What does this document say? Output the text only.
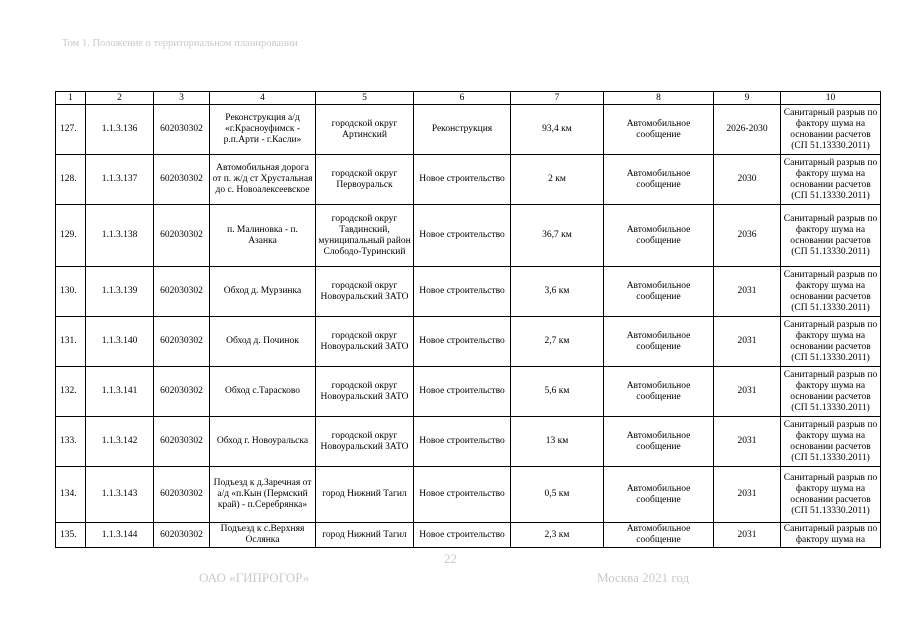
Том 1. Положение о территориальном планировании
1	2	3	4	5	6	7	8	9	10
127.	1.1.3.136	602030302	Реконструкция а/д «г.Красноуфимск - р.п.Арти - г.Касли»	городской округ Артинский	Реконструкция	93,4 км	Автомобильное сообщение	2026-2030	Санитарный разрыв по фактору шума на основании расчетов (СП 51.13330.2011)
128.	1.1.3.137	602030302	Автомобильная дорога от п. ж/д ст Хрустальная до с. Новоалексеевское	городской округ Первоуральск	Новое строительство	2 км	Автомобильное сообщение	2030	Санитарный разрыв по фактору шума на основании расчетов (СП 51.13330.2011)
129.	1.1.3.138	602030302	п. Малиновка - п. Азанка	городской округ Тавдинский, муниципальный район Слободо-Туринский	Новое строительство	36,7 км	Автомобильное сообщение	2036	Санитарный разрыв по фактору шума на основании расчетов (СП 51.13330.2011)
130.	1.1.3.139	602030302	Обход д. Мурзинка	городской округ Новоуральский ЗАТО	Новое строительство	3,6 км	Автомобильное сообщение	2031	Санитарный разрыв по фактору шума на основании расчетов (СП 51.13330.2011)
131.	1.1.3.140	602030302	Обход д. Починок	городской округ Новоуральский ЗАТО	Новое строительство	2,7 км	Автомобильное сообщение	2031	Санитарный разрыв по фактору шума на основании расчетов (СП 51.13330.2011)
132.	1.1.3.141	602030302	Обход с.Тарасково	городской округ Новоуральский ЗАТО	Новое строительство	5,6 км	Автомобильное сообщение	2031	Санитарный разрыв по фактору шума на основании расчетов (СП 51.13330.2011)
133.	1.1.3.142	602030302	Обход г. Новоуральска	городской округ Новоуральский ЗАТО	Новое строительство	13 км	Автомобильное сообщение	2031	Санитарный разрыв по фактору шума на основании расчетов (СП 51.13330.2011)
134.	1.1.3.143	602030302	Подъезд к д.Заречная от а/д «п.Кын (Пермский край) - п.Серебрянка»	город Нижний Тагил	Новое строительство	0,5 км	Автомобильное сообщение	2031	Санитарный разрыв по фактору шума на основании расчетов (СП 51.13330.2011)
135.	1.1.3.144	602030302	Подъезд к с.Верхняя Ослянка	город Нижний Тагил	Новое строительство	2,3 км	Автомобильное сообщение	2031	Санитарный разрыв по фактору шума на
22
ОАО «ГИПРОГОР»	Москва 2021 год
